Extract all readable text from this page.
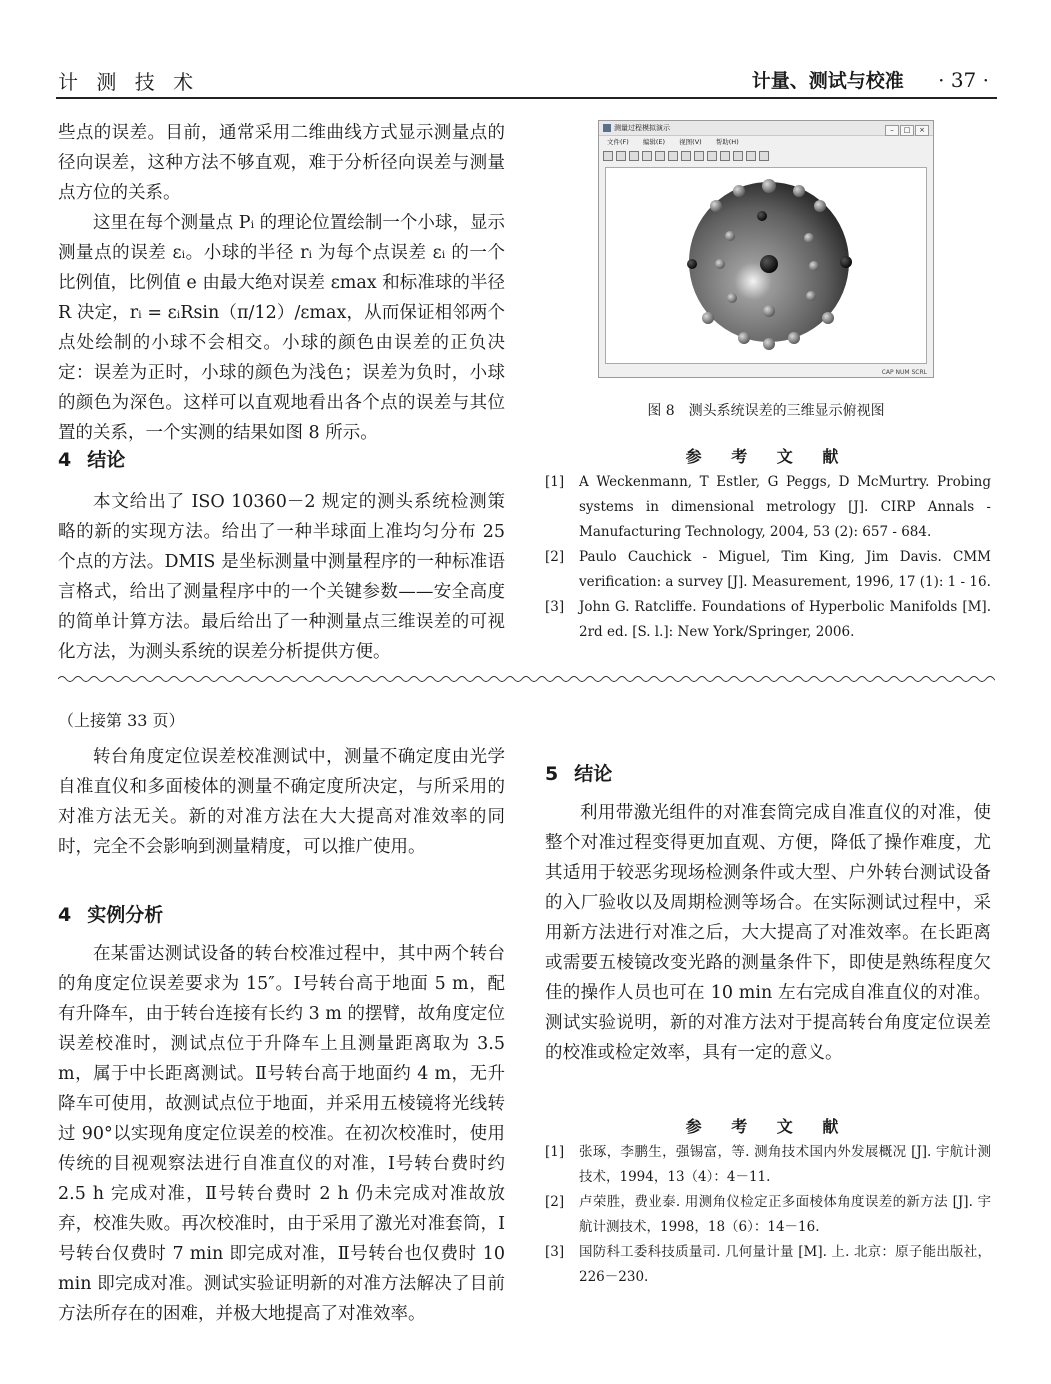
计 测 技 术	计量、测试与校准 · 37 ·

些点的误差。目前，通常采用二维曲线方式显示测量点的径向误差，这种方法不够直观，难于分析径向误差与测量点方位的关系。

这里在每个测量点 Pᵢ 的理论位置绘制一个小球，显示测量点的误差 εᵢ。小球的半径 rᵢ 为每个点误差 εᵢ 的一个比例值，比例值 e 由最大绝对误差 εmax 和标准球的半径 R 决定，rᵢ = εᵢRsin（π/12）/εmax，从而保证相邻两个点处绘制的小球不会相交。小球的颜色由误差的正负决定：误差为正时，小球的颜色为浅色；误差为负时，小球的颜色为深色。这样可以直观地看出各个点的误差与其位置的关系，一个实测的结果如图 8 所示。

4 结论

本文给出了 ISO 10360－2 规定的测头系统检测策略的新的实现方法。给出了一种半球面上准均匀分布 25 个点的方法。DMIS 是坐标测量中测量程序的一种标准语言格式，给出了测量程序中的一个关键参数——安全高度的简单计算方法。最后给出了一种测量点三维误差的可视化方法，为测头系统的误差分析提供方便。

测量过程模拟演示	– □ ×
文件(F) 编辑(E) 视图(V) 帮助(H)
CAP NUM SCRL
图 8　测头系统误差的三维显示俯视图
参 考 文 献
[1] A Weckenmann, T Estler, G Peggs, D McMurtry. Probing systems in dimensional metrology [J]. CIRP Annals - Manufacturing Technology, 2004, 53 (2): 657 - 684.
[2] Paulo Cauchick - Miguel, Tim King, Jim Davis. CMM verification: a survey [J]. Measurement, 1996, 17 (1): 1 - 16.
[3] John G. Ratcliffe. Foundations of Hyperbolic Manifolds [M]. 2rd ed. [S. l.]: New York/Springer, 2006.
（上接第 33 页）

转台角度定位误差校准测试中，测量不确定度由光学自准直仪和多面棱体的测量不确定度所决定，与所采用的对准方法无关。新的对准方法在大大提高对准效率的同时，完全不会影响到测量精度，可以推广使用。

4 实例分析

在某雷达测试设备的转台校准过程中，其中两个转台的角度定位误差要求为 15″。Ⅰ号转台高于地面 5 m，配有升降车，由于转台连接有长约 3 m 的摆臂，故角度定位误差校准时，测试点位于升降车上且测量距离取为 3.5 m，属于中长距离测试。Ⅱ号转台高于地面约 4 m，无升降车可使用，故测试点位于地面，并采用五棱镜将光线转过 90°以实现角度定位误差的校准。在初次校准时，使用传统的目视观察法进行自准直仪的对准，Ⅰ号转台费时约 2.5 h 完成对准，Ⅱ号转台费时 2 h 仍未完成对准故放弃，校准失败。再次校准时，由于采用了激光对准套筒，Ⅰ号转台仅费时 7 min 即完成对准，Ⅱ号转台也仅费时 10 min 即完成对准。测试实验证明新的对准方法解决了目前方法所存在的困难，并极大地提高了对准效率。

5 结论

利用带激光组件的对准套筒完成自准直仪的对准，使整个对准过程变得更加直观、方便，降低了操作难度，尤其适用于较恶劣现场检测条件或大型、户外转台测试设备的入厂验收以及周期检测等场合。在实际测试过程中，采用新方法进行对准之后，大大提高了对准效率。在长距离或需要五棱镜改变光路的测量条件下，即使是熟练程度欠佳的操作人员也可在 10 min 左右完成自准直仪的对准。测试实验说明，新的对准方法对于提高转台角度定位误差的校准或检定效率，具有一定的意义。

参 考 文 献
[1] 张琢，李鹏生，强锡富，等. 测角技术国内外发展概况 [J]. 宇航计测技术，1994，13（4）：4－11.
[2] 卢荣胜，费业泰. 用测角仪检定正多面棱体角度误差的新方法 [J]. 宇航计测技术，1998，18（6）：14－16.
[3] 国防科工委科技质量司. 几何量计量 [M]. 上. 北京：原子能出版社，226－230.
